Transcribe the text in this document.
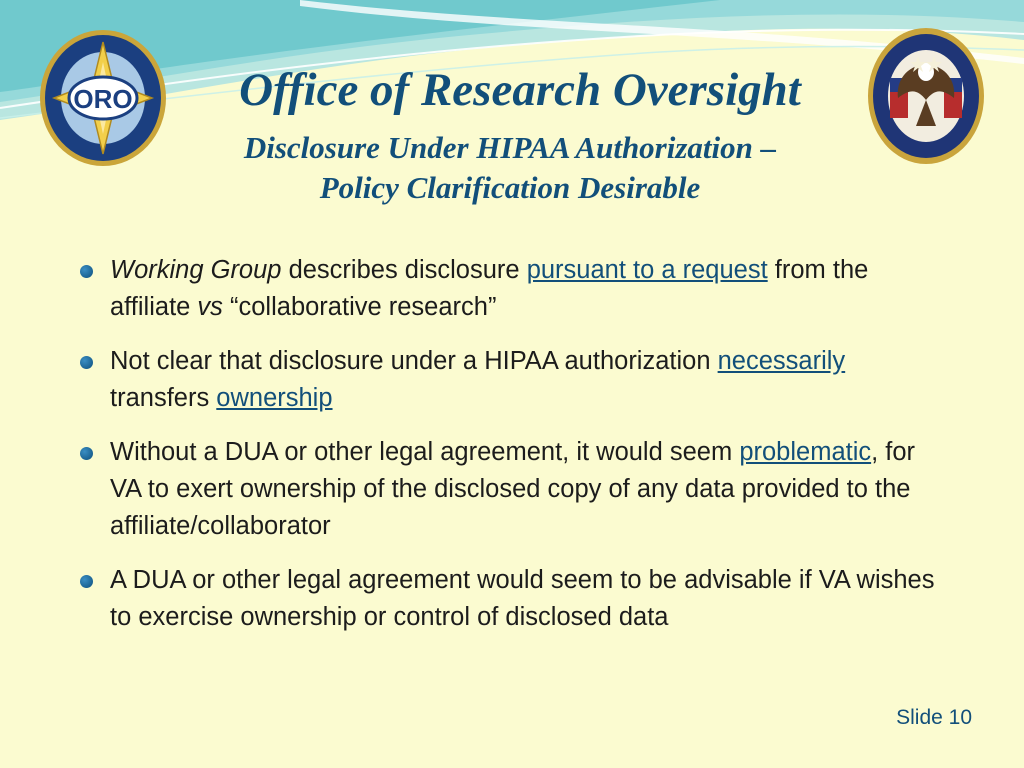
ORO	Office of Research Oversight
Disclosure Under HIPAA Authorization –
Policy Clarification Desirable
Working Group describes disclosure pursuant to a request from the affiliate vs “collaborative research”
Not clear that disclosure under a HIPAA authorization necessarily transfers ownership
Without a DUA or other legal agreement, it would seem problematic, for VA to exert ownership of the disclosed copy of any data provided to the affiliate/collaborator
A DUA or other legal agreement would seem to be advisable if VA wishes to exercise ownership or control of disclosed data
Slide 10
